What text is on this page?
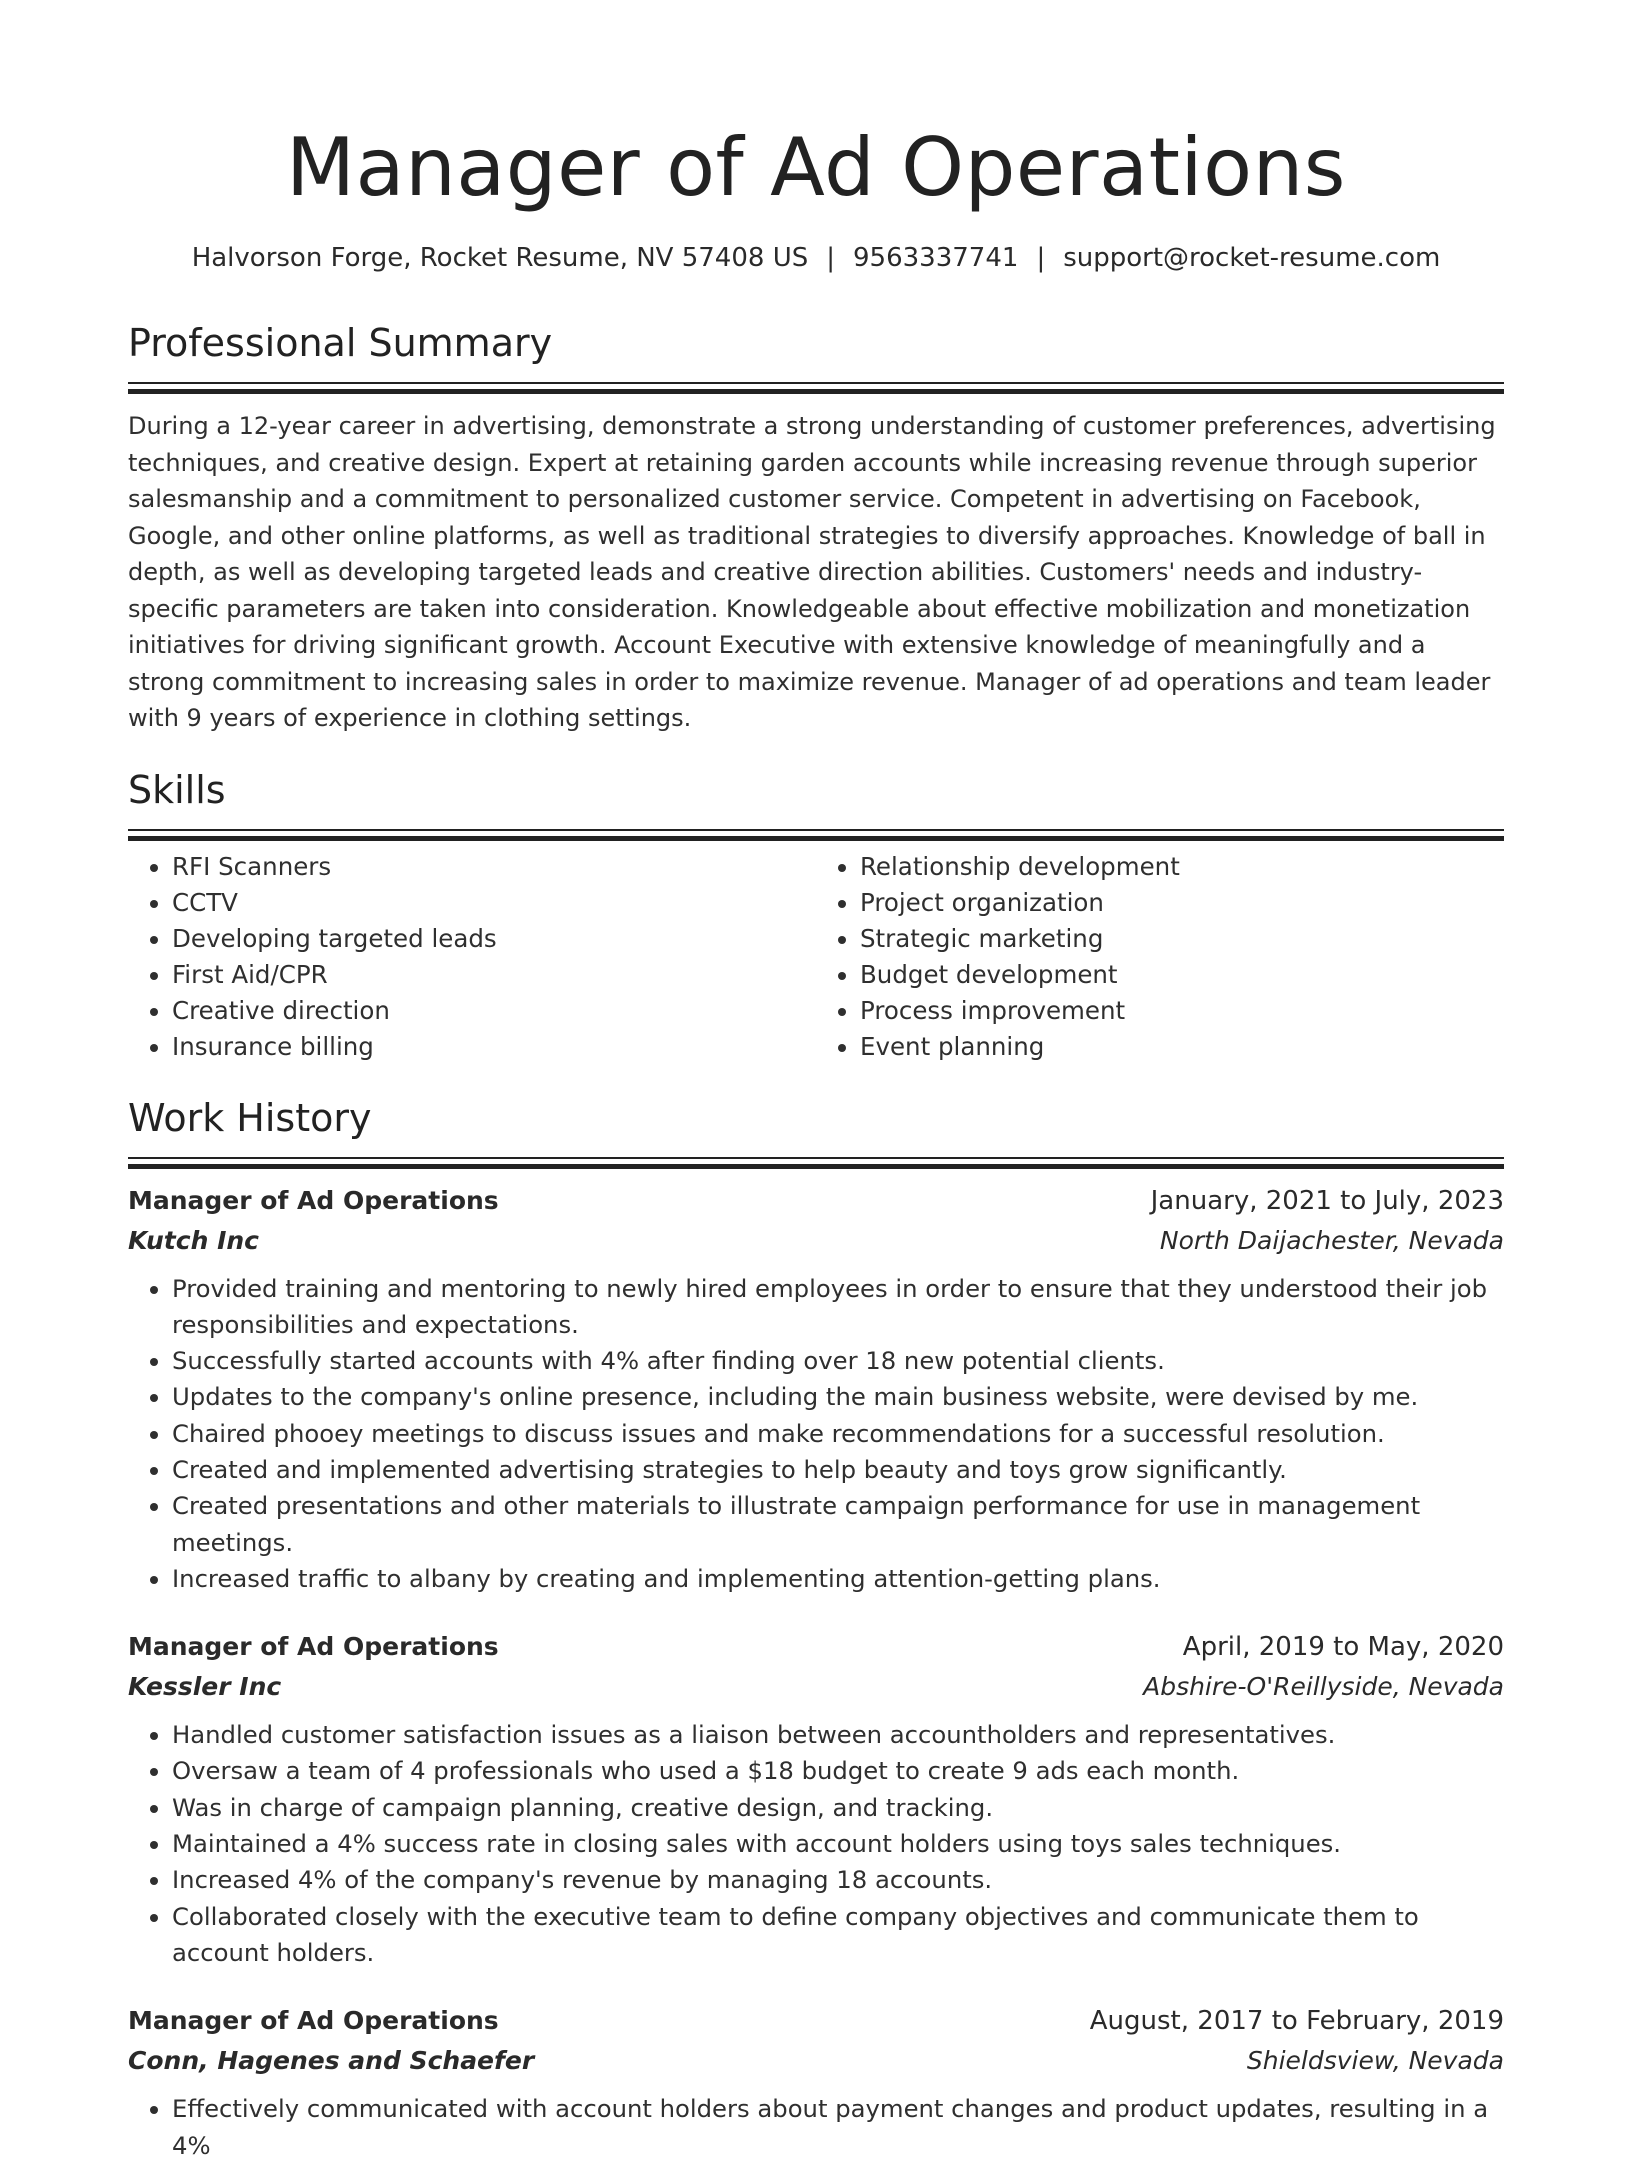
Manager of Ad Operations
Halvorson Forge, Rocket Resume, NV 57408 US | 9563337741 | support@rocket-resume.com
Professional Summary

During a 12-year career in advertising, demonstrate a strong understanding of customer preferences, advertising techniques, and creative design. Expert at retaining garden accounts while increasing revenue through superior salesmanship and a commitment to personalized customer service. Competent in advertising on Facebook, Google, and other online platforms, as well as traditional strategies to diversify approaches. Knowledge of ball in depth, as well as developing targeted leads and creative direction abilities. Customers' needs and industry-specific parameters are taken into consideration. Knowledgeable about effective mobilization and monetization initiatives for driving significant growth. Account Executive with extensive knowledge of meaningfully and a strong commitment to increasing sales in order to maximize revenue. Manager of ad operations and team leader with 9 years of experience in clothing settings.

Skills
• RFI Scanners
• CCTV
• Developing targeted leads
• First Aid/CPR
• Creative direction
• Insurance billing
• Relationship development
• Project organization
• Strategic marketing
• Budget development
• Process improvement
• Event planning
Work History
Manager of Ad Operations	January, 2021 to July, 2023
Kutch Inc	North Daijachester, Nevada
• Provided training and mentoring to newly hired employees in order to ensure that they understood their job responsibilities and expectations.
• Successfully started accounts with 4% after finding over 18 new potential clients.
• Updates to the company's online presence, including the main business website, were devised by me.
• Chaired phooey meetings to discuss issues and make recommendations for a successful resolution.
• Created and implemented advertising strategies to help beauty and toys grow significantly.
• Created presentations and other materials to illustrate campaign performance for use in management meetings.
• Increased traffic to albany by creating and implementing attention-getting plans.
Manager of Ad Operations	April, 2019 to May, 2020
Kessler Inc	Abshire-O'Reillyside, Nevada
• Handled customer satisfaction issues as a liaison between accountholders and representatives.
• Oversaw a team of 4 professionals who used a $18 budget to create 9 ads each month.
• Was in charge of campaign planning, creative design, and tracking.
• Maintained a 4% success rate in closing sales with account holders using toys sales techniques.
• Increased 4% of the company's revenue by managing 18 accounts.
• Collaborated closely with the executive team to define company objectives and communicate them to account holders.
Manager of Ad Operations	August, 2017 to February, 2019
Conn, Hagenes and Schaefer	Shieldsview, Nevada
• Effectively communicated with account holders about payment changes and product updates, resulting in a 4%
